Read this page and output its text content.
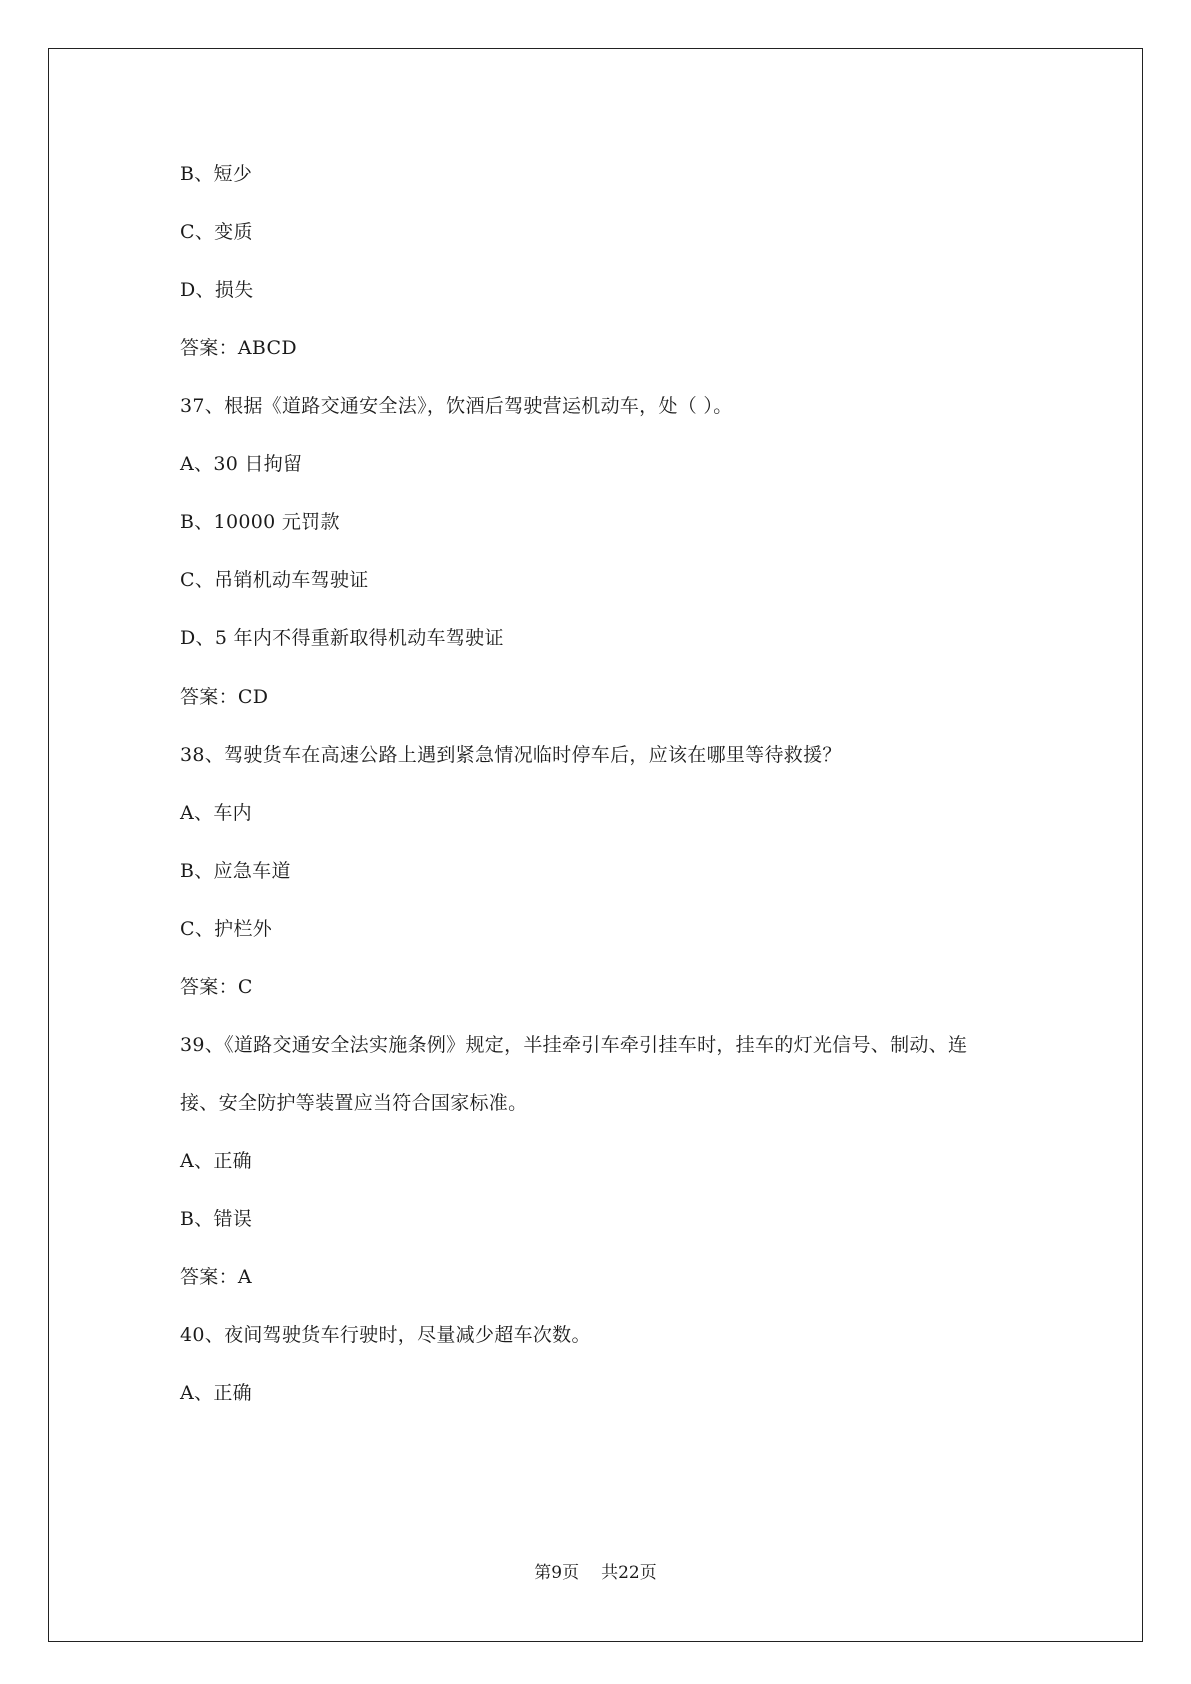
B、短少
C、变质
D、损失
答案：ABCD
37、根据《道路交通安全法》，饮酒后驾驶营运机动车，处（ ）。
A、30 日拘留
B、10000 元罚款
C、吊销机动车驾驶证
D、5 年内不得重新取得机动车驾驶证
答案：CD
38、驾驶货车在高速公路上遇到紧急情况临时停车后，应该在哪里等待救援？
A、车内
B、应急车道
C、护栏外
答案：C
39、《道路交通安全法实施条例》规定，半挂牵引车牵引挂车时，挂车的灯光信号、制动、连
接、安全防护等装置应当符合国家标准。
A、正确
B、错误
答案：A
40、夜间驾驶货车行驶时，尽量减少超车次数。
A、正确
第9页 共22页
